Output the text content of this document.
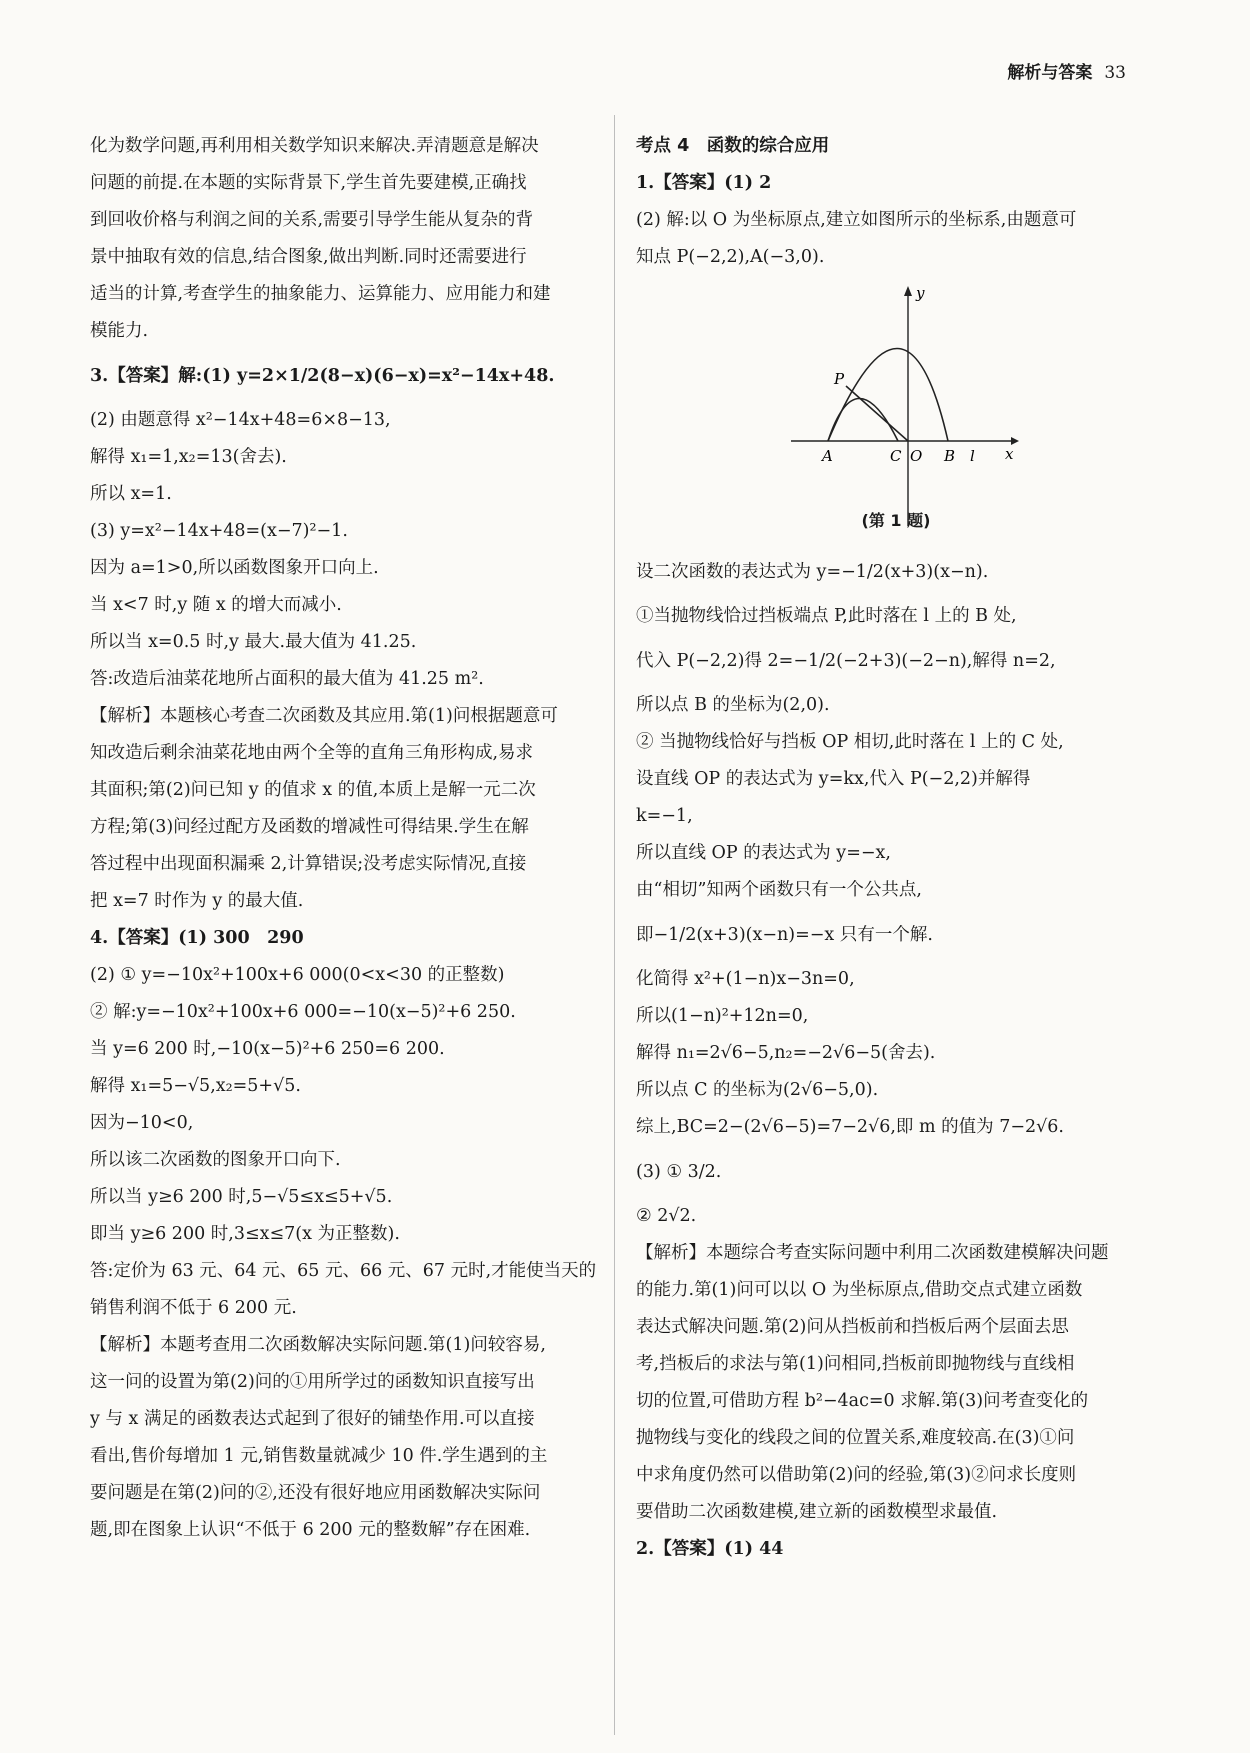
解析与答案 33
化为数学问题,再利用相关数学知识来解决.弄清题意是解决
问题的前提.在本题的实际背景下,学生首先要建模,正确找
到回收价格与利润之间的关系,需要引导学生能从复杂的背
景中抽取有效的信息,结合图象,做出判断.同时还需要进行
适当的计算,考查学生的抽象能力、运算能力、应用能力和建
模能力.
3.【答案】解:(1) y=2×1/2(8−x)(6−x)=x²−14x+48.
(2) 由题意得 x²−14x+48=6×8−13,
解得 x₁=1,x₂=13(舍去).
所以 x=1.
(3) y=x²−14x+48=(x−7)²−1.
因为 a=1>0,所以函数图象开口向上.
当 x<7 时,y 随 x 的增大而减小.
所以当 x=0.5 时,y 最大.最大值为 41.25.
答:改造后油菜花地所占面积的最大值为 41.25 m².
【解析】本题核心考查二次函数及其应用.第(1)问根据题意可
知改造后剩余油菜花地由两个全等的直角三角形构成,易求
其面积;第(2)问已知 y 的值求 x 的值,本质上是解一元二次
方程;第(3)问经过配方及函数的增减性可得结果.学生在解
答过程中出现面积漏乘 2,计算错误;没考虑实际情况,直接
把 x=7 时作为 y 的最大值.
4.【答案】(1) 300　290
(2) ① y=−10x²+100x+6 000(0<x<30 的正整数)
② 解:y=−10x²+100x+6 000=−10(x−5)²+6 250.
当 y=6 200 时,−10(x−5)²+6 250=6 200.
解得 x₁=5−√5,x₂=5+√5.
因为−10<0,
所以该二次函数的图象开口向下.
所以当 y≥6 200 时,5−√5≤x≤5+√5.
即当 y≥6 200 时,3≤x≤7(x 为正整数).
答:定价为 63 元、64 元、65 元、66 元、67 元时,才能使当天的
销售利润不低于 6 200 元.
【解析】本题考查用二次函数解决实际问题.第(1)问较容易,
这一问的设置为第(2)问的①用所学过的函数知识直接写出
y 与 x 满足的函数表达式起到了很好的铺垫作用.可以直接
看出,售价每增加 1 元,销售数量就减少 10 件.学生遇到的主
要问题是在第(2)问的②,还没有很好地应用函数解决实际问
题,即在图象上认识“不低于 6 200 元的整数解”存在困难.
考点 4　函数的综合应用
1.【答案】(1) 2
(2) 解:以 O 为坐标原点,建立如图所示的坐标系,由题意可
知点 P(−2,2),A(−3,0).
y
x
P
A	C O B l
(第 1 题)
设二次函数的表达式为 y=−1/2(x+3)(x−n).
①当抛物线恰过挡板端点 P,此时落在 l 上的 B 处,
代入 P(−2,2)得 2=−1/2(−2+3)(−2−n),解得 n=2,
所以点 B 的坐标为(2,0).
② 当抛物线恰好与挡板 OP 相切,此时落在 l 上的 C 处,
设直线 OP 的表达式为 y=kx,代入 P(−2,2)并解得
k=−1,
所以直线 OP 的表达式为 y=−x,
由“相切”知两个函数只有一个公共点,
即−1/2(x+3)(x−n)=−x 只有一个解.
化简得 x²+(1−n)x−3n=0,
所以(1−n)²+12n=0,
解得 n₁=2√6−5,n₂=−2√6−5(舍去).
所以点 C 的坐标为(2√6−5,0).
综上,BC=2−(2√6−5)=7−2√6,即 m 的值为 7−2√6.
(3) ① 3/2.
② 2√2.
【解析】本题综合考查实际问题中利用二次函数建模解决问题
的能力.第(1)问可以以 O 为坐标原点,借助交点式建立函数
表达式解决问题.第(2)问从挡板前和挡板后两个层面去思
考,挡板后的求法与第(1)问相同,挡板前即抛物线与直线相
切的位置,可借助方程 b²−4ac=0 求解.第(3)问考查变化的
抛物线与变化的线段之间的位置关系,难度较高.在(3)①问
中求角度仍然可以借助第(2)问的经验,第(3)②问求长度则
要借助二次函数建模,建立新的函数模型求最值.
2.【答案】(1) 44
